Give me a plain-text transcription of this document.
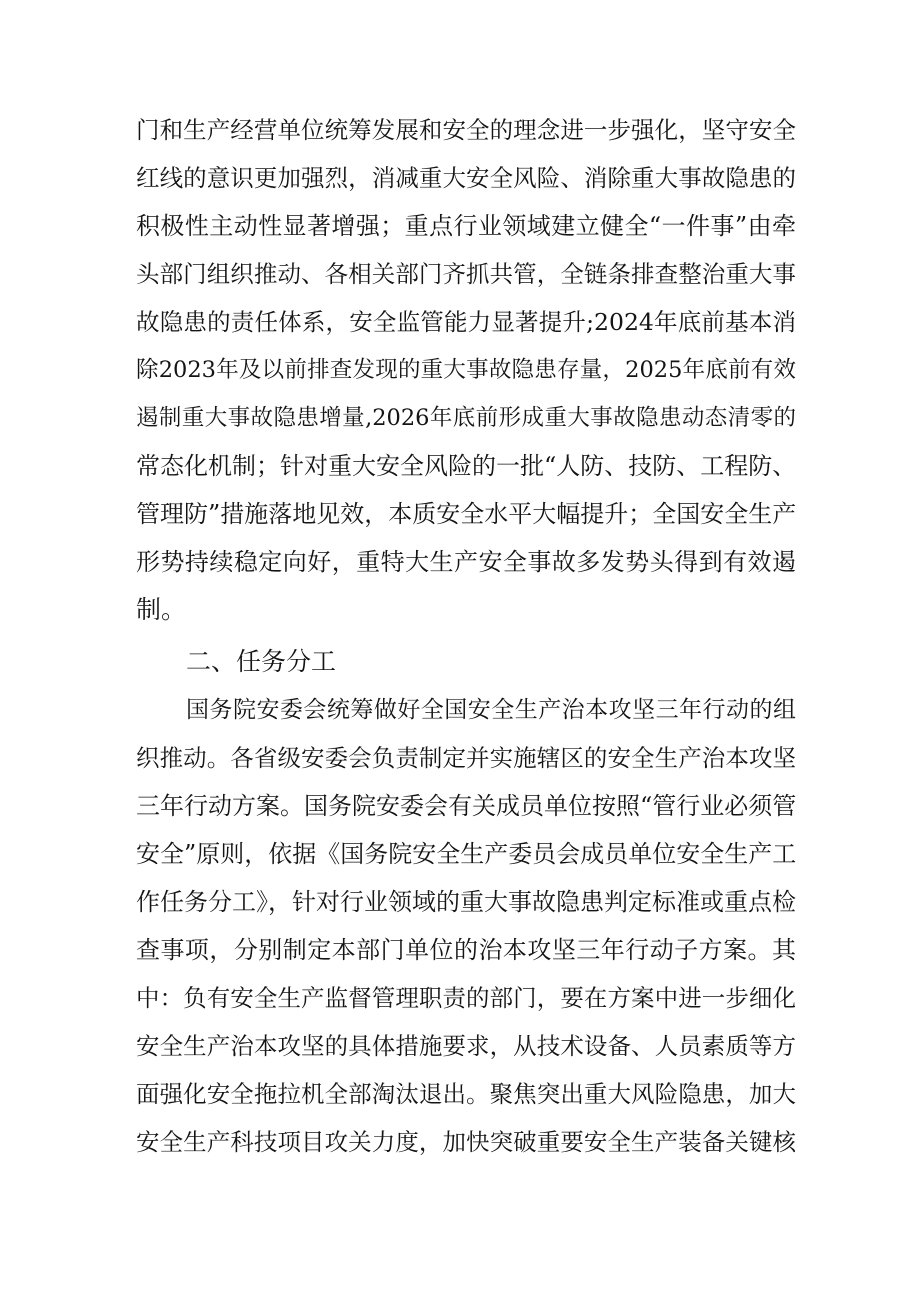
门和生产经营单位统筹发展和安全的理念进一步强化，坚守安全
红线的意识更加强烈，消减重大安全风险、消除重大事故隐患的
积极性主动性显著增强；重点行业领域建立健全“一件事”由牵
头部门组织推动、各相关部门齐抓共管，全链条排查整治重大事
故隐患的责任体系，安全监管能力显著提升;2024年底前基本消
除2023年及以前排查发现的重大事故隐患存量，2025年底前有效
遏制重大事故隐患增量,2026年底前形成重大事故隐患动态清零的
常态化机制；针对重大安全风险的一批“人防、技防、工程防、
管理防”措施落地见效，本质安全水平大幅提升；全国安全生产
形势持续稳定向好，重特大生产安全事故多发势头得到有效遏
制。
二、任务分工
国务院安委会统筹做好全国安全生产治本攻坚三年行动的组
织推动。各省级安委会负责制定并实施辖区的安全生产治本攻坚
三年行动方案。国务院安委会有关成员单位按照“管行业必须管
安全”原则，依据《国务院安全生产委员会成员单位安全生产工
作任务分工》，针对行业领域的重大事故隐患判定标准或重点检
查事项，分别制定本部门单位的治本攻坚三年行动子方案。其
中：负有安全生产监督管理职责的部门，要在方案中进一步细化
安全生产治本攻坚的具体措施要求，从技术设备、人员素质等方
面强化安全拖拉机全部淘汰退出。聚焦突出重大风险隐患，加大
安全生产科技项目攻关力度，加快突破重要安全生产装备关键核
